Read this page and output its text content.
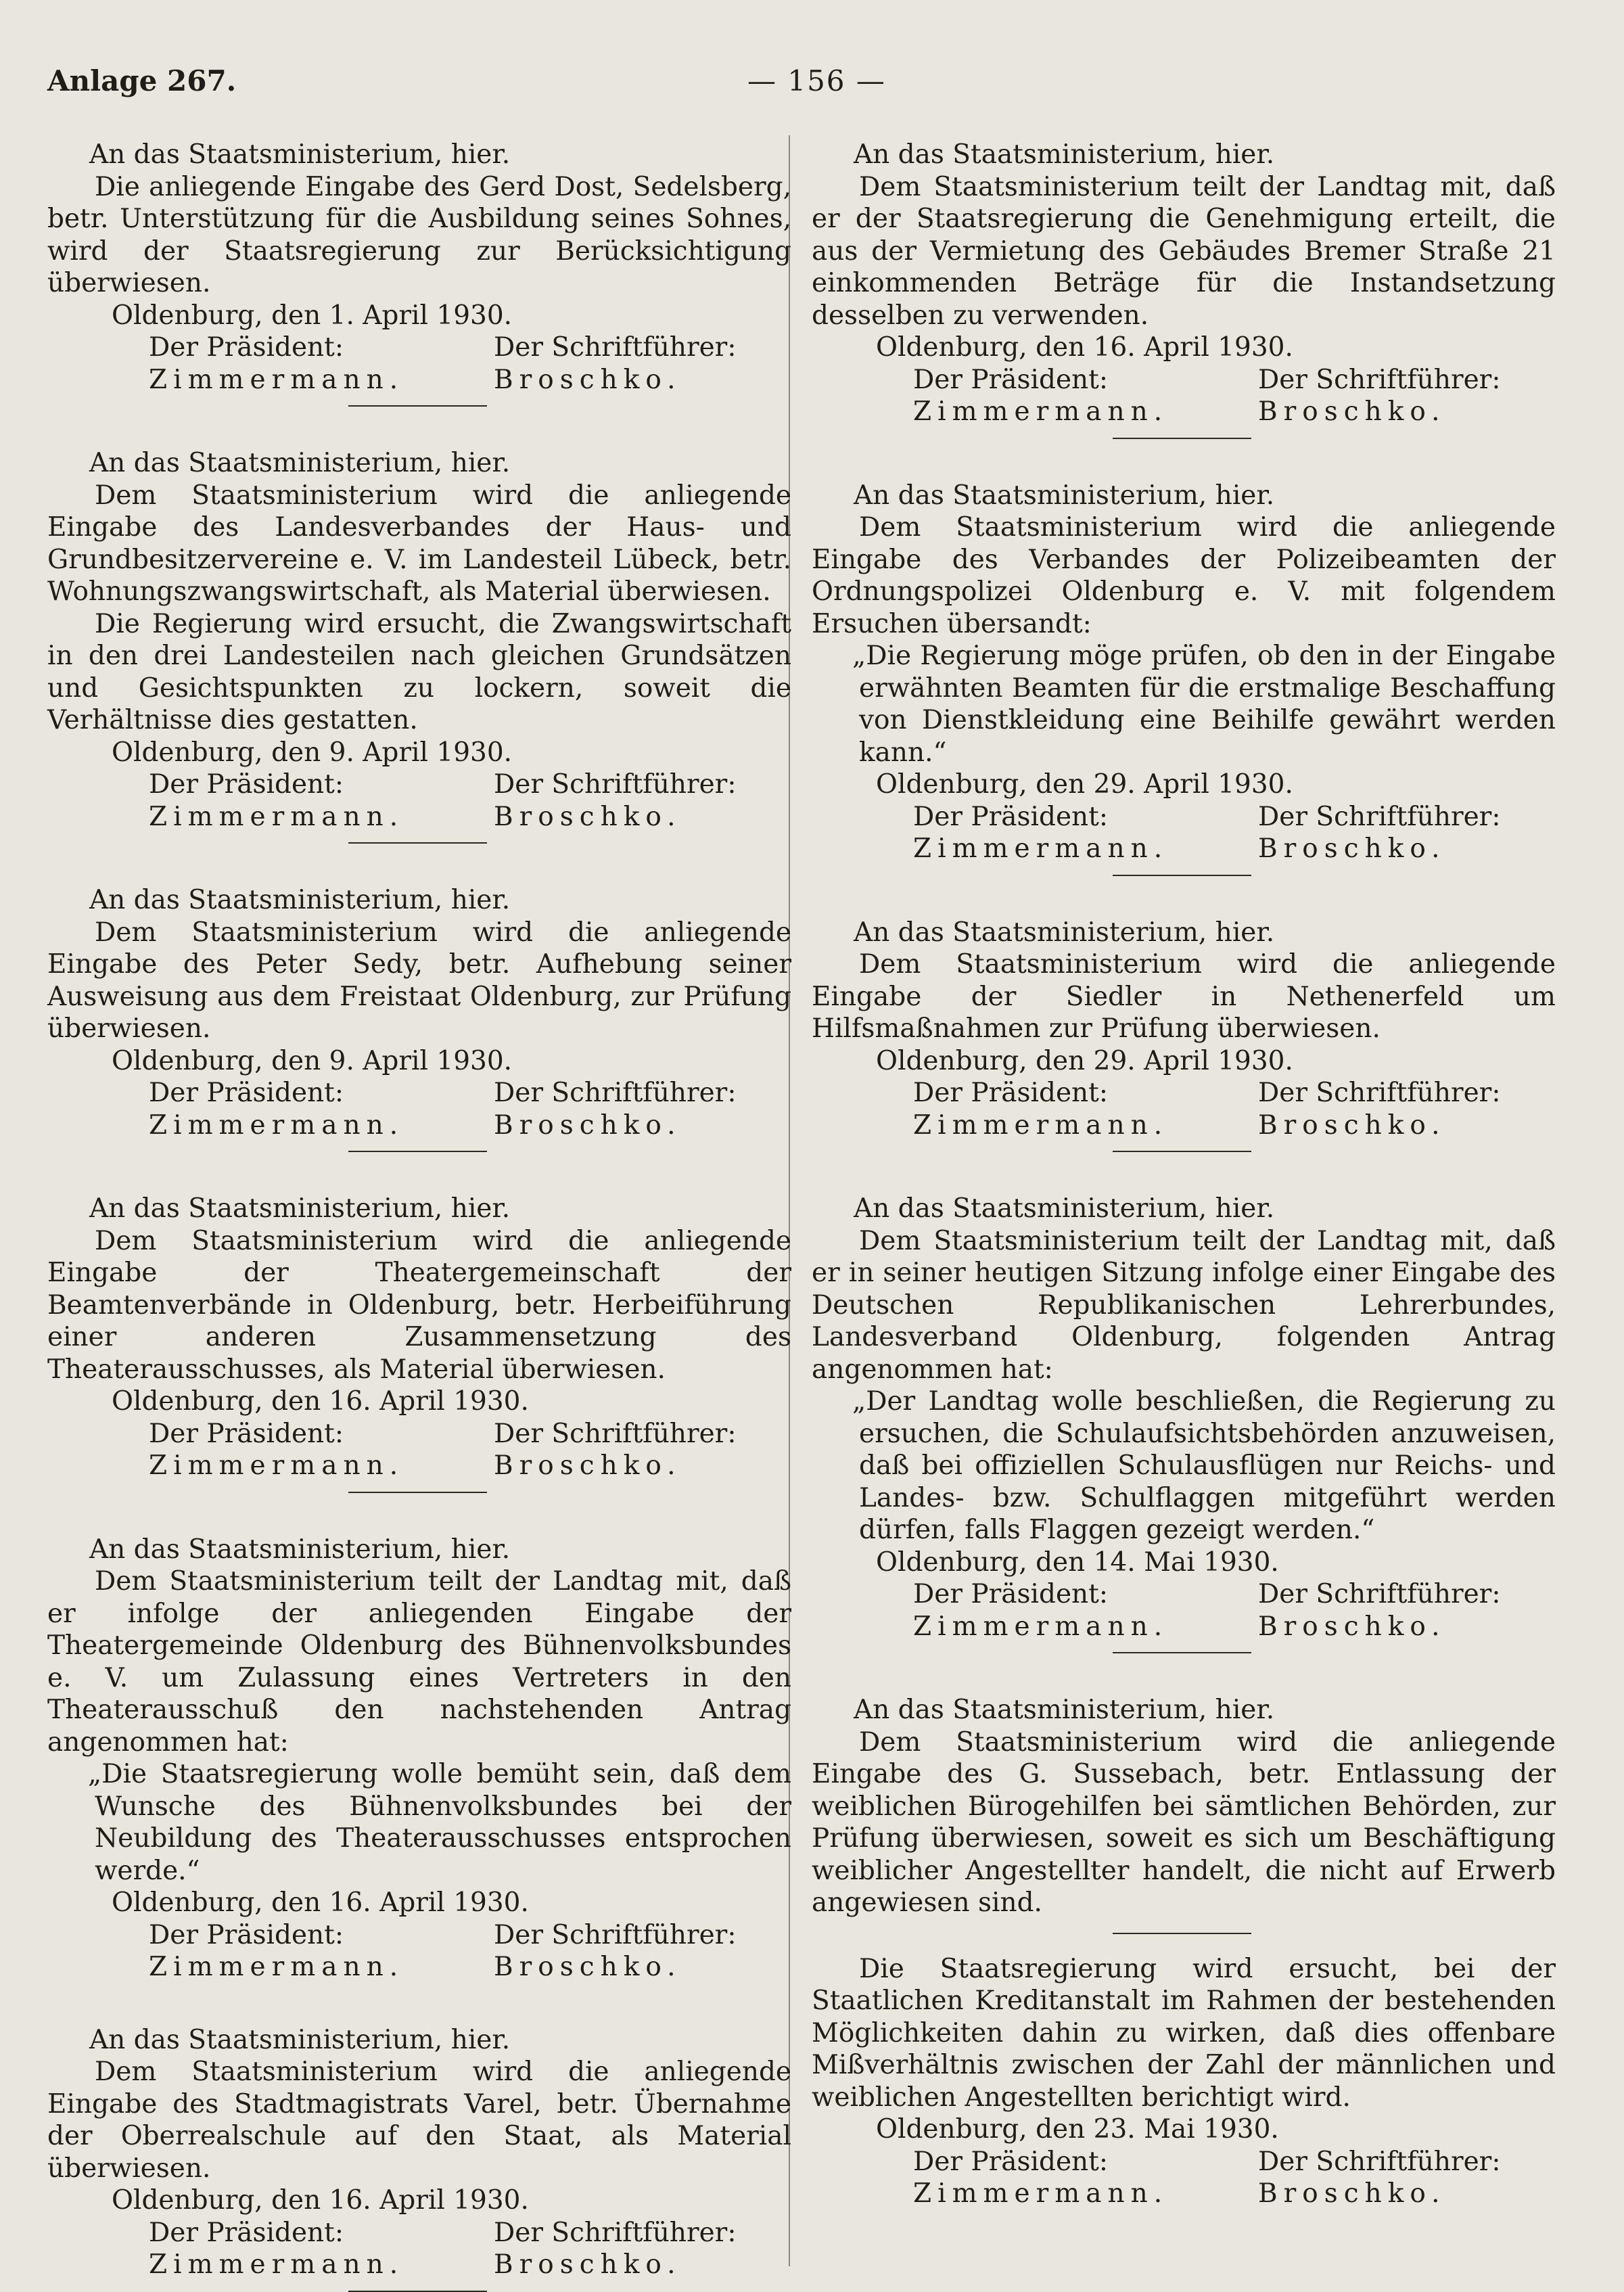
Anlage 267.	— 156 —

An das Staatsministerium, hier.

Die anliegende Eingabe des Gerd Dost, Sedelsberg, betr. Unterstützung für die Ausbildung seines Sohnes, wird der Staatsregierung zur Berücksichtigung überwiesen.

Oldenburg, den 1. April 1930.

Der Präsident:	Der Schriftführer:
Zimmermann.	Broschko.

An das Staatsministerium, hier.

Dem Staatsministerium wird die anliegende Eingabe des Landesverbandes der Haus- und Grundbesitzervereine e. V. im Landesteil Lübeck, betr. Wohnungszwangswirtschaft, als Material überwiesen.

Die Regierung wird ersucht, die Zwangswirtschaft in den drei Landesteilen nach gleichen Grundsätzen und Gesichtspunkten zu lockern, soweit die Verhältnisse dies gestatten.

Oldenburg, den 9. April 1930.

Der Präsident:	Der Schriftführer:
Zimmermann.	Broschko.

An das Staatsministerium, hier.

Dem Staatsministerium wird die anliegende Eingabe des Peter Sedy, betr. Aufhebung seiner Ausweisung aus dem Freistaat Oldenburg, zur Prüfung überwiesen.

Oldenburg, den 9. April 1930.

Der Präsident:	Der Schriftführer:
Zimmermann.	Broschko.

An das Staatsministerium, hier.

Dem Staatsministerium wird die anliegende Eingabe der Theatergemeinschaft der Beamtenverbände in Oldenburg, betr. Herbeiführung einer anderen Zusammensetzung des Theaterausschusses, als Material überwiesen.

Oldenburg, den 16. April 1930.

Der Präsident:	Der Schriftführer:
Zimmermann.	Broschko.

An das Staatsministerium, hier.

Dem Staatsministerium teilt der Landtag mit, daß er infolge der anliegenden Eingabe der Theatergemeinde Oldenburg des Bühnenvolksbundes e. V. um Zulassung eines Vertreters in den Theaterausschuß den nachstehenden Antrag angenommen hat:

„Die Staatsregierung wolle bemüht sein, daß dem Wunsche des Bühnenvolksbundes bei der Neubildung des Theaterausschusses entsprochen werde.“

Oldenburg, den 16. April 1930.

Der Präsident:	Der Schriftführer:
Zimmermann.	Broschko.

An das Staatsministerium, hier.

Dem Staatsministerium wird die anliegende Eingabe des Stadtmagistrats Varel, betr. Übernahme der Oberrealschule auf den Staat, als Material überwiesen.

Oldenburg, den 16. April 1930.

Der Präsident:	Der Schriftführer:
Zimmermann.	Broschko.

An das Staatsministerium, hier.

Dem Staatsministerium teilt der Landtag mit, daß er der Staatsregierung die Genehmigung erteilt, die aus der Vermietung des Gebäudes Bremer Straße 21 einkommenden Beträge für die Instandsetzung desselben zu verwenden.

Oldenburg, den 16. April 1930.

Der Präsident:	Der Schriftführer:
Zimmermann.	Broschko.

An das Staatsministerium, hier.

Dem Staatsministerium wird die anliegende Eingabe des Verbandes der Polizeibeamten der Ordnungspolizei Oldenburg e. V. mit folgendem Ersuchen übersandt:

„Die Regierung möge prüfen, ob den in der Eingabe erwähnten Beamten für die erstmalige Beschaffung von Dienstkleidung eine Beihilfe gewährt werden kann.“

Oldenburg, den 29. April 1930.

Der Präsident:	Der Schriftführer:
Zimmermann.	Broschko.

An das Staatsministerium, hier.

Dem Staatsministerium wird die anliegende Eingabe der Siedler in Nethenerfeld um Hilfsmaßnahmen zur Prüfung überwiesen.

Oldenburg, den 29. April 1930.

Der Präsident:	Der Schriftführer:
Zimmermann.	Broschko.

An das Staatsministerium, hier.

Dem Staatsministerium teilt der Landtag mit, daß er in seiner heutigen Sitzung infolge einer Eingabe des Deutschen Republikanischen Lehrerbundes, Landesverband Oldenburg, folgenden Antrag angenommen hat:

„Der Landtag wolle beschließen, die Regierung zu ersuchen, die Schulaufsichtsbehörden anzuweisen, daß bei offiziellen Schulausflügen nur Reichs- und Landes- bzw. Schulflaggen mitgeführt werden dürfen, falls Flaggen gezeigt werden.“

Oldenburg, den 14. Mai 1930.

Der Präsident:	Der Schriftführer:
Zimmermann.	Broschko.

An das Staatsministerium, hier.

Dem Staatsministerium wird die anliegende Eingabe des G. Sussebach, betr. Entlassung der weiblichen Bürogehilfen bei sämtlichen Behörden, zur Prüfung überwiesen, soweit es sich um Beschäftigung weiblicher Angestellter handelt, die nicht auf Erwerb angewiesen sind.

Die Staatsregierung wird ersucht, bei der Staatlichen Kreditanstalt im Rahmen der bestehenden Möglichkeiten dahin zu wirken, daß dies offenbare Mißverhältnis zwischen der Zahl der männlichen und weiblichen Angestellten berichtigt wird.

Oldenburg, den 23. Mai 1930.

Der Präsident:	Der Schriftführer:
Zimmermann.	Broschko.
